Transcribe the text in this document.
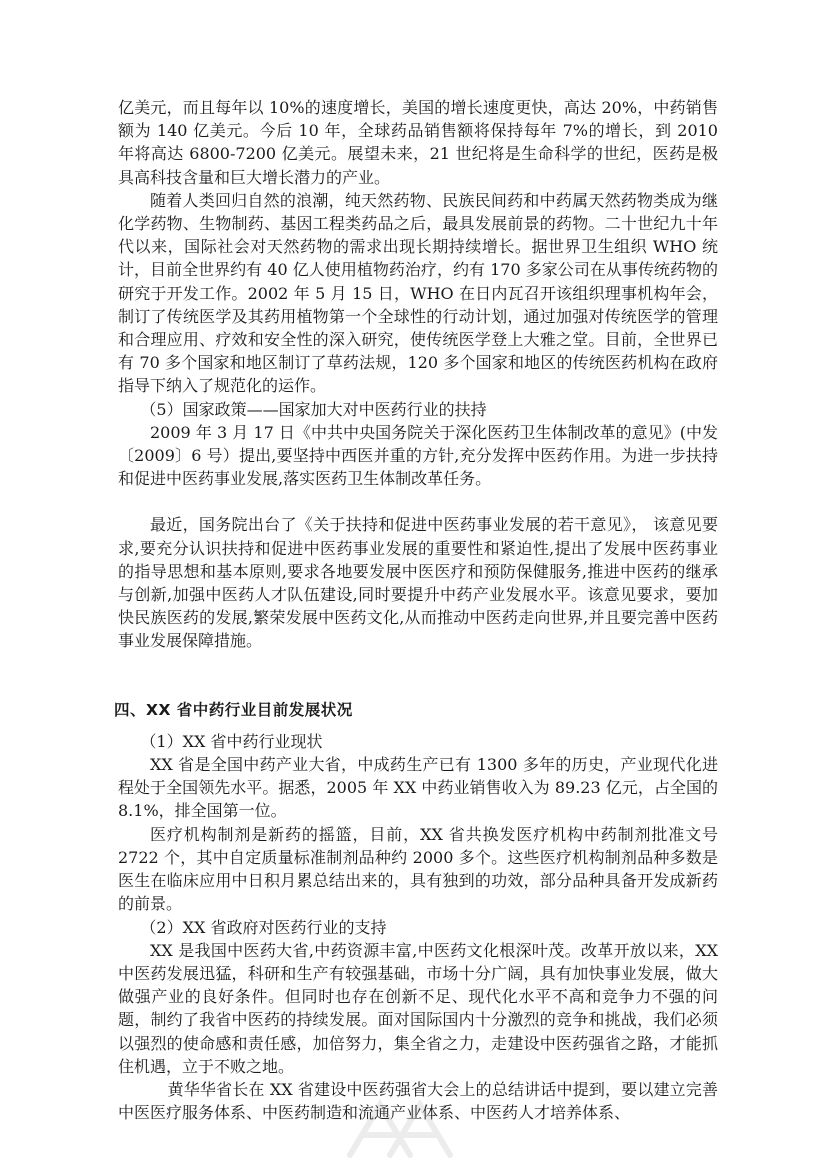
亿美元，而且每年以 10%的速度增长，美国的增长速度更快，高达 20%，中药销售额为 140 亿美元。今后 10 年，全球药品销售额将保持每年 7%的增长，到 2010 年将高达 6800-7200 亿美元。展望未来，21 世纪将是生命科学的世纪，医药是极具高科技含量和巨大增长潜力的产业。

随着人类回归自然的浪潮，纯天然药物、民族民间药和中药属天然药物类成为继化学药物、生物制药、基因工程类药品之后，最具发展前景的药物。二十世纪九十年代以来，国际社会对天然药物的需求出现长期持续增长。据世界卫生组织 WHO 统计，目前全世界约有 40 亿人使用植物药治疗，约有 170 多家公司在从事传统药物的研究于开发工作。2002 年 5 月 15 日，WHO 在日内瓦召开该组织理事机构年会，制订了传统医学及其药用植物第一个全球性的行动计划，通过加强对传统医学的管理和合理应用、疗效和安全性的深入研究，使传统医学登上大雅之堂。目前，全世界已有 70 多个国家和地区制订了草药法规，120 多个国家和地区的传统医药机构在政府指导下纳入了规范化的运作。

（5）国家政策——国家加大对中医药行业的扶持

2009 年 3 月 17 日《中共中央国务院关于深化医药卫生体制改革的意见》(中发〔2009〕6 号）提出,要坚持中西医并重的方针,充分发挥中医药作用。为进一步扶持和促进中医药事业发展,落实医药卫生体制改革任务。

最近，国务院出台了《关于扶持和促进中医药事业发展的若干意见》， 该意见要求,要充分认识扶持和促进中医药事业发展的重要性和紧迫性,提出了发展中医药事业的指导思想和基本原则,要求各地要发展中医医疗和预防保健服务,推进中医药的继承与创新,加强中医药人才队伍建设,同时要提升中药产业发展水平。该意见要求，要加快民族医药的发展,繁荣发展中医药文化,从而推动中医药走向世界,并且要完善中医药事业发展保障措施。

四、XX 省中药行业目前发展状况

（1）XX 省中药行业现状

XX 省是全国中药产业大省，中成药生产已有 1300 多年的历史，产业现代化进程处于全国领先水平。据悉，2005 年 XX 中药业销售收入为 89.23 亿元，占全国的 8.1%，排全国第一位。

医疗机构制剂是新药的摇篮，目前，XX 省共换发医疗机构中药制剂批准文号 2722 个，其中自定质量标准制剂品种约 2000 多个。这些医疗机构制剂品种多数是医生在临床应用中日积月累总结出来的，具有独到的功效，部分品种具备开发成新药的前景。

（2）XX 省政府对医药行业的支持

XX 是我国中医药大省,中药资源丰富,中医药文化根深叶茂。改革开放以来，XX 中医药发展迅猛，科研和生产有较强基础，市场十分广阔，具有加快事业发展，做大做强产业的良好条件。但同时也存在创新不足、现代化水平不高和竞争力不强的问题，制约了我省中医药的持续发展。面对国际国内十分激烈的竞争和挑战，我们必须以强烈的使命感和责任感，加倍努力，集全省之力，走建设中医药强省之路，才能抓住机遇，立于不败之地。

黄华华省长在 XX 省建设中医药强省大会上的总结讲话中提到，要以建立完善中医医疗服务体系、中医药制造和流通产业体系、中医药人才培养体系、
